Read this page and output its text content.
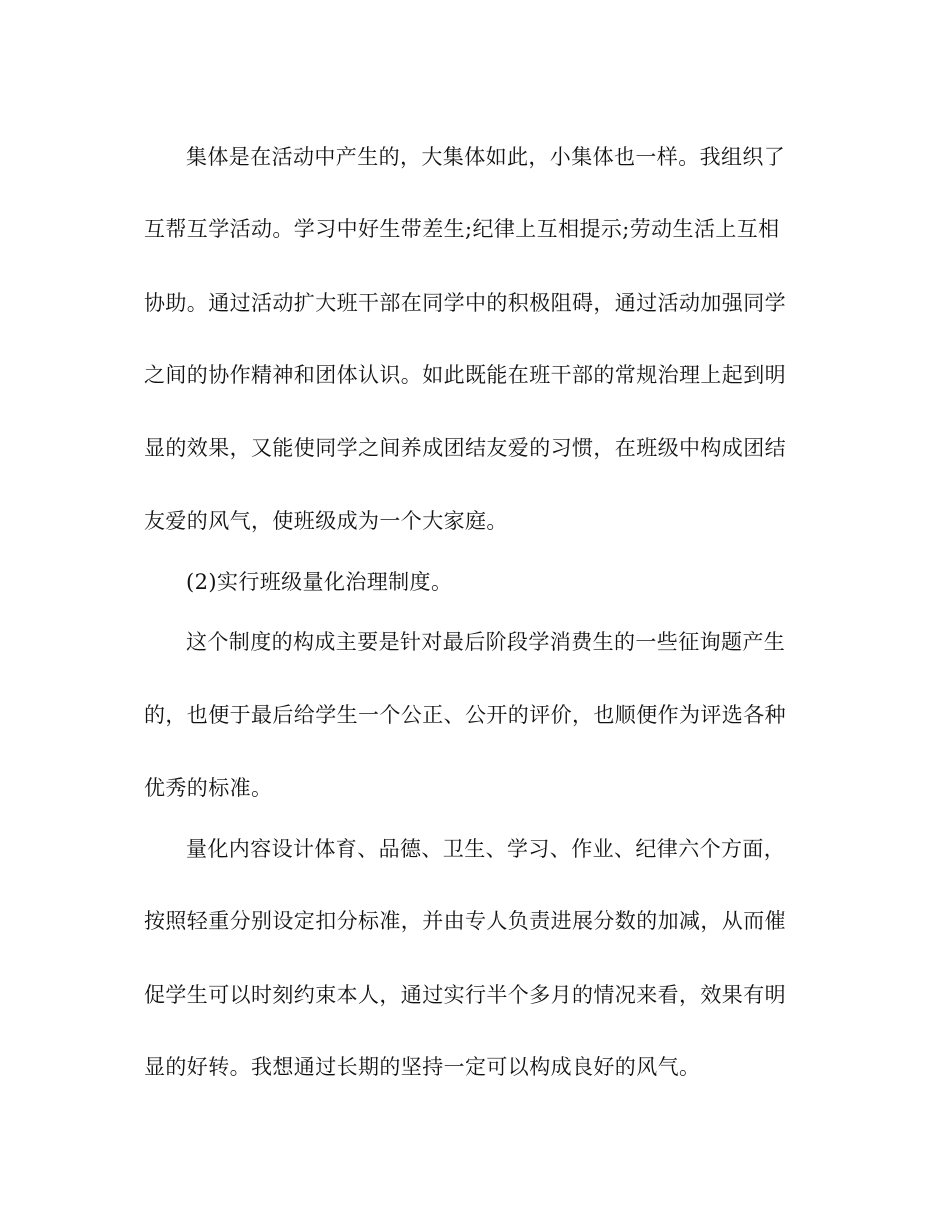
集体是在活动中产生的，大集体如此，小集体也一样。我组织了
互帮互学活动。学习中好生带差生;纪律上互相提示;劳动生活上互相
协助。通过活动扩大班干部在同学中的积极阻碍，通过活动加强同学
之间的协作精神和团体认识。如此既能在班干部的常规治理上起到明
显的效果，又能使同学之间养成团结友爱的习惯，在班级中构成团结
友爱的风气，使班级成为一个大家庭。
(2)实行班级量化治理制度。
这个制度的构成主要是针对最后阶段学消费生的一些征询题产生
的，也便于最后给学生一个公正、公开的评价，也顺便作为评选各种
优秀的标准。
量化内容设计体育、品德、卫生、学习、作业、纪律六个方面，
按照轻重分别设定扣分标准，并由专人负责进展分数的加减，从而催
促学生可以时刻约束本人，通过实行半个多月的情况来看，效果有明
显的好转。我想通过长期的坚持一定可以构成良好的风气。
